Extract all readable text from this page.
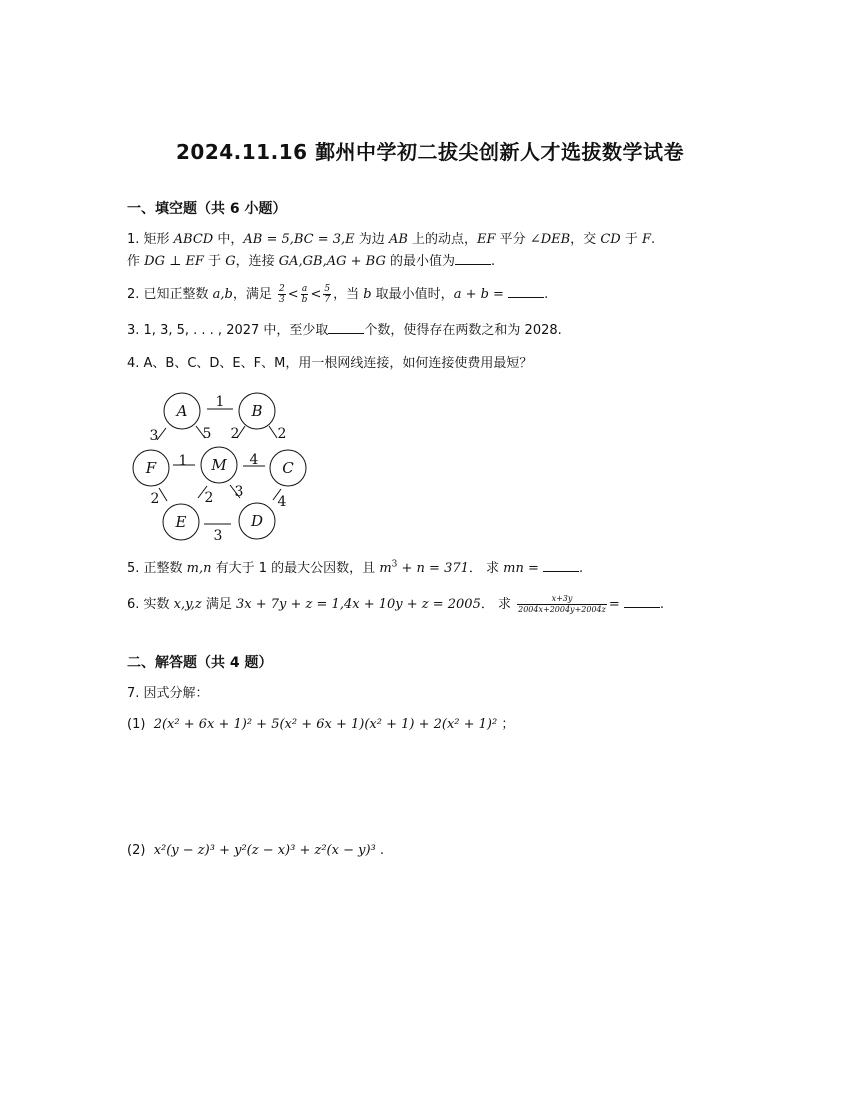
2024.11.16 鄞州中学初二拔尖创新人才选拔数学试卷
一、填空题（共 6 小题）
1. 矩形 ABCD 中，AB = 5,BC = 3,E 为边 AB 上的动点，EF 平分 ∠DEB，交 CD 于 F.
作 DG ⊥ EF 于 G，连接 GA,GB,AG + BG 的最小值为	.
2. 已知正整数 a,b，满足 $\frac{2}{3} < \frac{a}{b} < \frac{5}{7}$ ，当 b 取最小值时，a + b =	.
3. 1, 3, 5, . . . , 2027 中，至少取	个数，使得存在两数之和为 2028.
4. A、B、C、D、E、F、M，用一根网线连接，如何连接使费用最短？
A	B
F	M	C
E	D
1
3	5 2	2
1	4
2	2 3
4
3
5. 正整数 m,n 有大于 1 的最大公因数，且 $m^3 + n = 371$． 求 mn =	.
6. 实数 x,y,z 满足 3x + 7y + z = 1,4x + 10y + z = 2005． 求 $\frac{x+3y}{2004x+2004y+2004z}$ =	.
二、解答题（共 4 题）
7. 因式分解：
(1)  2(x² + 6x + 1)² + 5(x² + 6x + 1)(x² + 1) + 2(x² + 1)² ；
(2)  x²(y − z)³ + y²(z − x)³ + z²(x − y)³ .
